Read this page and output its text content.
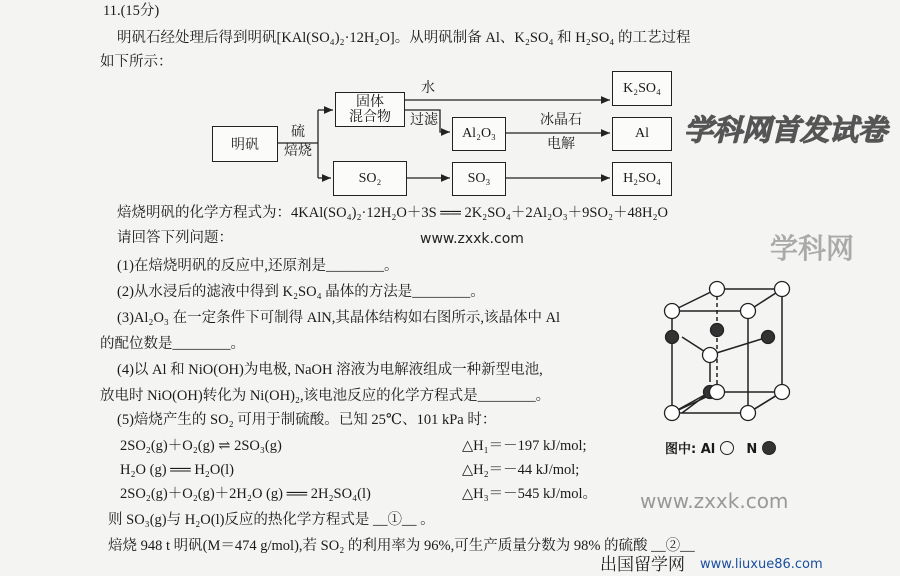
11.(15分)
明矾石经处理后得到明矾[KAl(SO₄)₂·12H₂O]。从明矾制备 Al、K₂SO₄ 和 H₂SO₄ 的工艺过程
如下所示：
明矾
硫
焙烧
固体
混合物
水
过滤
K₂SO₄
Al₂O₃
冰晶石
电解
Al
SO₂	SO₃	H₂SO₄
学科网首发试卷
焙烧明矾的化学方程式为：4KAl(SO₄)₂·12H₂O＋3S ══ 2K₂SO₄＋2Al₂O₃＋9SO₂＋48H₂O
请回答下列问题：	www.zxxk.com	学科网
(1)在焙烧明矾的反应中,还原剂是________。
(2)从水浸后的滤液中得到 K₂SO₄ 晶体的方法是________。
(3)Al₂O₃ 在一定条件下可制得 AlN,其晶体结构如右图所示,该晶体中 Al
的配位数是________。
(4)以 Al 和 NiO(OH)为电极, NaOH 溶液为电解液组成一种新型电池,
放电时 NiO(OH)转化为 Ni(OH)₂,该电池反应的化学方程式是________。
(5)焙烧产生的 SO₂ 可用于制硫酸。已知 25℃、101 kPa 时：
2SO₂(g)＋O₂(g) ⇌ 2SO₃(g)	△H₁＝－197 kJ/mol;
H₂O (g) ══ H₂O(l)	△H₂＝－44 kJ/mol;
2SO₂(g)＋O₂(g)＋2H₂O (g) ══ 2H₂SO₄(l)	△H₃＝－545 kJ/mol。
则 SO₃(g)与 H₂O(l)反应的热化学方程式是 __①__ 。
焙烧 948 t 明矾(M＝474 g/mol),若 SO₂ 的利用率为 96%,可生产质量分数为 98% 的硫酸 __②__
www.zxxk.com
图中: Al N
出国留学网 www.liuxue86.com
